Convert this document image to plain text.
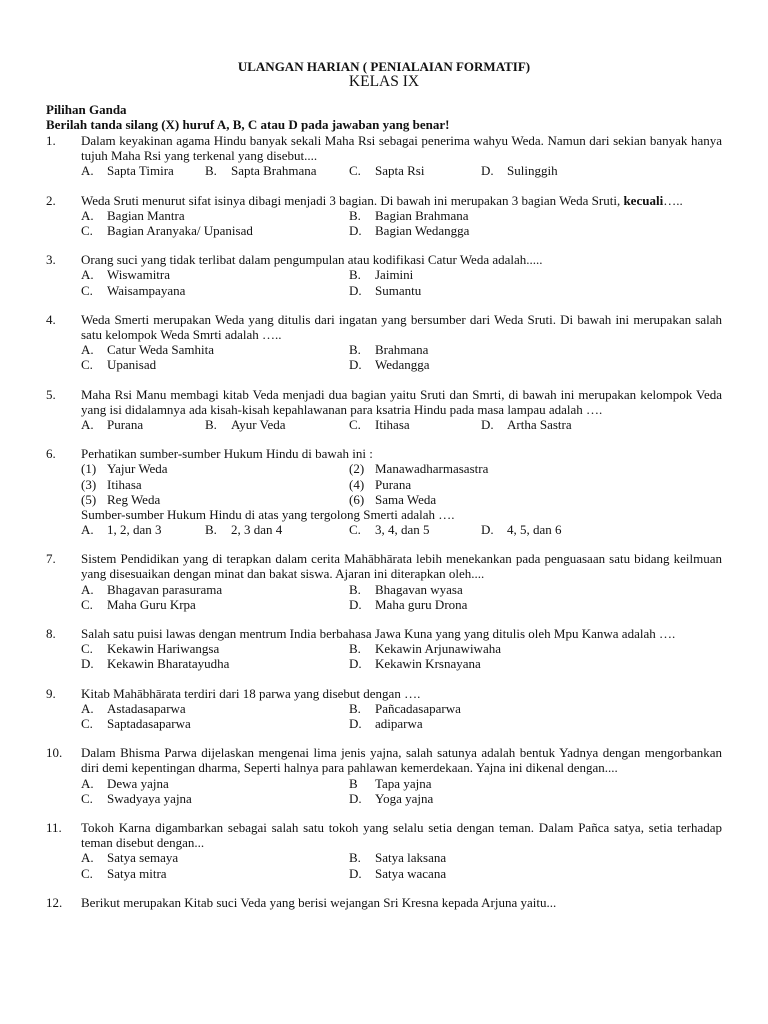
ULANGAN HARIAN ( PENIALAIAN FORMATIF)
KELAS IX
Pilihan Ganda
Berilah tanda silang (X) huruf A, B, C atau D pada jawaban yang benar!
1. Dalam keyakinan agama Hindu banyak sekali Maha Rsi sebagai penerima wahyu Weda. Namun dari sekian banyak hanya tujuh Maha Rsi yang terkenal yang disebut....
A. Sapta Timira B. Sapta Brahmana C. Sapta Rsi	D. Sulinggih
2. Weda Sruti menurut sifat isinya dibagi menjadi 3 bagian. Di bawah ini merupakan 3 bagian Weda Sruti, kecuali…..
A. Bagian Mantra	B. Bagian Brahmana
C. Bagian Aranyaka/ Upanisad	D. Bagian Wedangga
3. Orang suci yang tidak terlibat dalam pengumpulan atau kodifikasi Catur Weda adalah.....
A. Wiswamitra	B. Jaimini
C. Waisampayana	D. Sumantu
4. Weda Smerti merupakan Weda yang ditulis dari ingatan yang bersumber dari Weda Sruti. Di bawah ini merupakan salah satu kelompok Weda Smrti adalah …..
A. Catur Weda Samhita	B. Brahmana
C. Upanisad	D. Wedangga
5. Maha Rsi Manu membagi kitab Veda menjadi dua bagian yaitu Sruti dan Smrti, di bawah ini merupakan kelompok Veda yang isi didalamnya ada kisah-kisah kepahlawanan para ksatria Hindu pada masa lampau adalah ….
A. Purana	B. Ayur Veda	C. Itihasa	D. Artha Sastra
6. Perhatikan sumber-sumber Hukum Hindu di bawah ini :
(1) Yajur Weda	(2) Manawadharmasastra
(3) Itihasa	(4) Purana
(5) Reg Weda	(6) Sama Weda
Sumber-sumber Hukum Hindu di atas yang tergolong Smerti adalah ….
A. 1, 2, dan 3	B. 2, 3 dan 4	C. 3, 4, dan 5	D. 4, 5, dan 6
7. Sistem Pendidikan yang di terapkan dalam cerita Mahābhārata lebih menekankan pada penguasaan satu bidang keilmuan yang disesuaikan dengan minat dan bakat siswa. Ajaran ini diterapkan oleh....
A. Bhagavan parasurama	B. Bhagavan wyasa
C. Maha Guru Krpa	D. Maha guru Drona
8. Salah satu puisi lawas dengan mentrum India berbahasa Jawa Kuna yang yang ditulis oleh Mpu Kanwa adalah ….
C. Kekawin Hariwangsa	B. Kekawin Arjunawiwaha
D. Kekawin Bharatayudha	D. Kekawin Krsnayana
9. Kitab Mahābhārata terdiri dari 18 parwa yang disebut dengan ….
A. Astadasaparwa	B. Pañcadasaparwa
C. Saptadasaparwa	D. adiparwa
10. Dalam Bhisma Parwa dijelaskan mengenai lima jenis yajna, salah satunya adalah bentuk Yadnya dengan mengorbankan diri demi kepentingan dharma, Seperti halnya para pahlawan kemerdekaan. Yajna ini dikenal dengan....
A. Dewa yajna	B Tapa yajna
C. Swadyaya yajna	D. Yoga yajna
11. Tokoh Karna digambarkan sebagai salah satu tokoh yang selalu setia dengan teman. Dalam Pañca satya, setia terhadap teman disebut dengan...
A. Satya semaya	B. Satya laksana
C. Satya mitra	D. Satya wacana
12. Berikut merupakan Kitab suci Veda yang berisi wejangan Sri Kresna kepada Arjuna yaitu...
